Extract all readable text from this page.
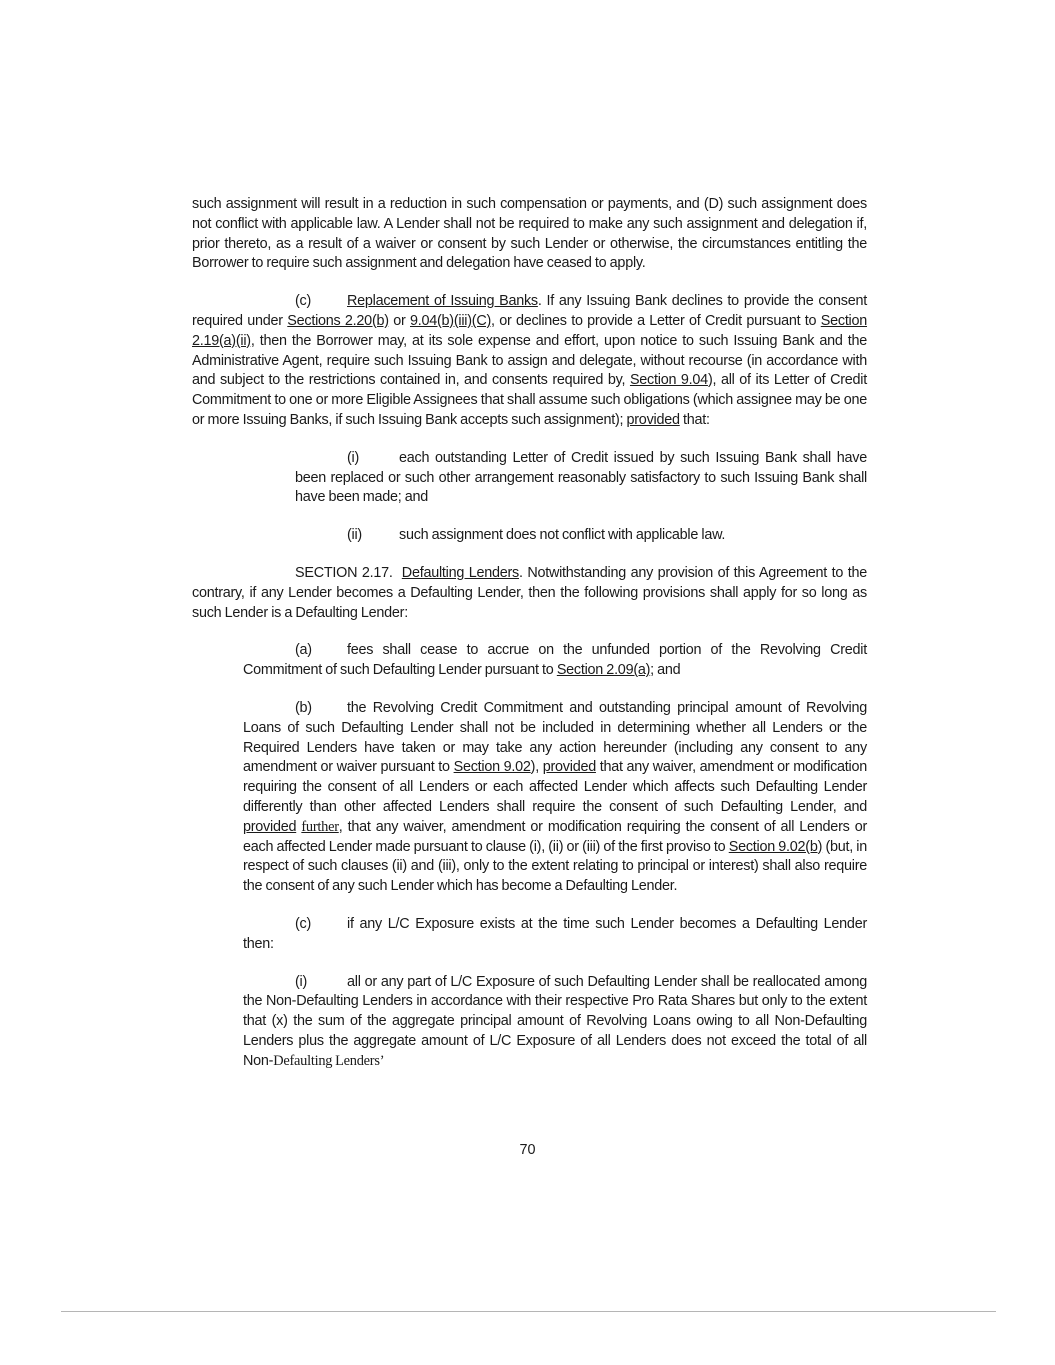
such assignment will result in a reduction in such compensation or payments, and (D) such assignment does not conflict with applicable law. A Lender shall not be required to make any such assignment and delegation if, prior thereto, as a result of a waiver or consent by such Lender or otherwise, the circumstances entitling the Borrower to require such assignment and delegation have ceased to apply.

(c) Replacement of Issuing Banks. If any Issuing Bank declines to provide the consent required under Sections 2.20(b) or 9.04(b)(iii)(C), or declines to provide a Letter of Credit pursuant to Section 2.19(a)(ii), then the Borrower may, at its sole expense and effort, upon notice to such Issuing Bank and the Administrative Agent, require such Issuing Bank to assign and delegate, without recourse (in accordance with and subject to the restrictions contained in, and consents required by, Section 9.04), all of its Letter of Credit Commitment to one or more Eligible Assignees that shall assume such obligations (which assignee may be one or more Issuing Banks, if such Issuing Bank accepts such assignment); provided that:

(i)	each outstanding Letter of Credit issued by such Issuing Bank shall have been replaced or such other arrangement reasonably satisfactory to such Issuing Bank shall have been made; and

(ii)	such assignment does not conflict with applicable law.

SECTION 2.17. Defaulting Lenders. Notwithstanding any provision of this Agreement to the contrary, if any Lender becomes a Defaulting Lender, then the following provisions shall apply for so long as such Lender is a Defaulting Lender:

(a) fees shall cease to accrue on the unfunded portion of the Revolving Credit Commitment of such Defaulting Lender pursuant to Section 2.09(a); and

(b) the Revolving Credit Commitment and outstanding principal amount of Revolving Loans of such Defaulting Lender shall not be included in determining whether all Lenders or the Required Lenders have taken or may take any action hereunder (including any consent to any amendment or waiver pursuant to Section 9.02), provided that any waiver, amendment or modification requiring the consent of all Lenders or each affected Lender which affects such Defaulting Lender differently than other affected Lenders shall require the consent of such Defaulting Lender, and provided further, that any waiver, amendment or modification requiring the consent of all Lenders or each affected Lender made pursuant to clause (i), (ii) or (iii) of the first proviso to Section 9.02(b) (but, in respect of such clauses (ii) and (iii), only to the extent relating to principal or interest) shall also require the consent of any such Lender which has become a Defaulting Lender.

(c) if any L/C Exposure exists at the time such Lender becomes a Defaulting Lender then:

(i)	all or any part of L/C Exposure of such Defaulting Lender shall be reallocated among the Non-Defaulting Lenders in accordance with their respective Pro Rata Shares but only to the extent that (x) the sum of the aggregate principal amount of Revolving Loans owing to all Non-Defaulting Lenders plus the aggregate amount of L/C Exposure of all Lenders does not exceed the total of all Non-Defaulting Lenders’

70
